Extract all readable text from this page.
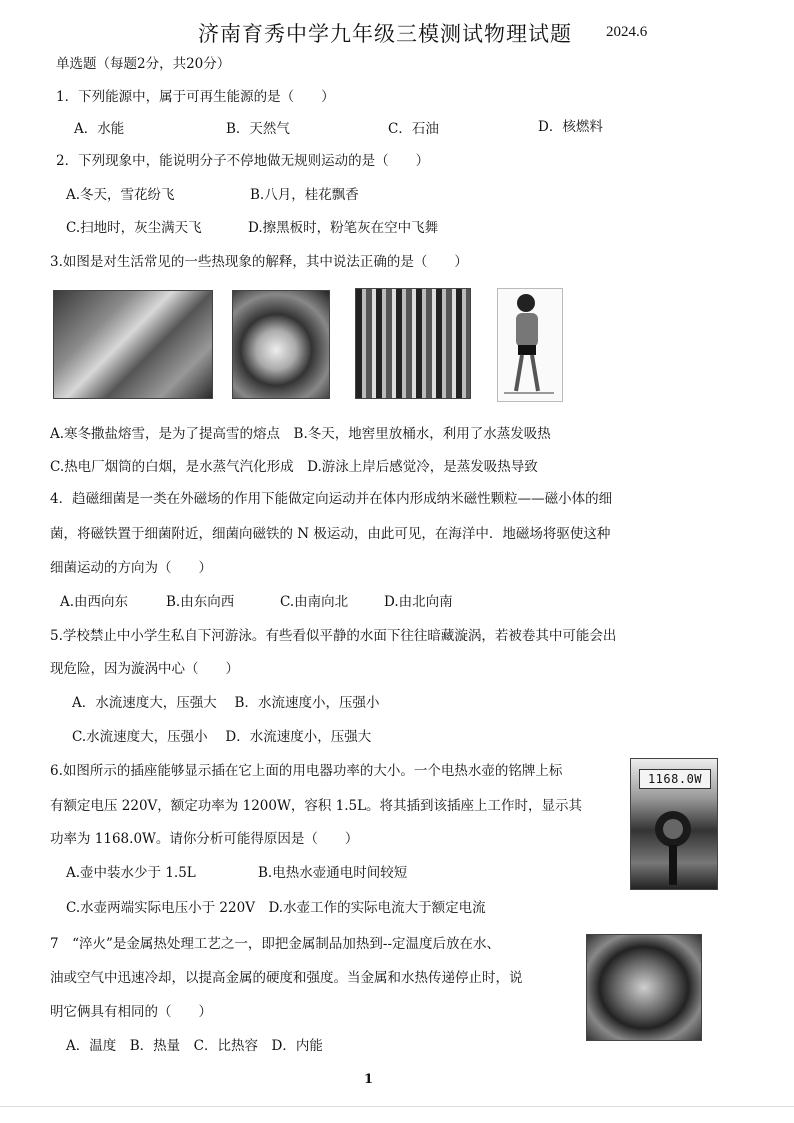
济南育秀中学九年级三模测试物理试题 2024.6
单选题（每题2分，共20分）
1．下列能源中，属于可再生能源的是（　　）
A．水能	B．天然气	C．石油	D．核燃料
2．下列现象中，能说明分子不停地做无规则运动的是（　　）
A.冬天，雪花纷飞	B.八月，桂花飘香
C.扫地时，灰尘满天飞	D.擦黑板时，粉笔灰在空中飞舞
3.如图是对生活常见的一些热现象的解释，其中说法正确的是（　　）
A.寒冬撒盐熔雪，是为了提高雪的熔点　B.冬天，地窖里放桶水，利用了水蒸发吸热
C.热电厂烟筒的白烟，是水蒸气汽化形成　D.游泳上岸后感觉冷，是蒸发吸热导致
4．趋磁细菌是一类在外磁场的作用下能做定向运动并在体内形成纳米磁性颗粒——磁小体的细
菌，将磁铁置于细菌附近，细菌向磁铁的 N 极运动，由此可见，在海洋中．地磁场将驱使这种
细菌运动的方向为（　　）
A.由西向东	B.由东向西	C.由南向北	D.由北向南
5.学校禁止中小学生私自下河游泳。有些看似平静的水面下往往暗藏漩涡，若被卷其中可能会出
现危险，因为漩涡中心（　　）
A．水流速度大，压强大　 B．水流速度小，压强小
C.水流速度大，压强小　 D．水流速度小，压强大
6.如图所示的插座能够显示插在它上面的用电器功率的大小。一个电热水壶的铭牌上标
有额定电压 220V，额定功率为 1200W，容积 1.5L。将其插到该插座上工作时，显示其
功率为 1168.0W。请你分析可能得原因是（　　）
A.壶中装水少于 1.5L	B.电热水壶通电时间较短
C.水壶两端实际电压小于 220V　D.水壶工作的实际电流大于额定电流
1168.0W
7　“淬火”是金属热处理工艺之一，即把金属制品加热到--定温度后放在水、
油或空气中迅速冷却，以提高金属的硬度和强度。当金属和水热传递停止时，说
明它俩具有相同的（　　）
A．温度　B．热量　C．比热容　D．内能
1
